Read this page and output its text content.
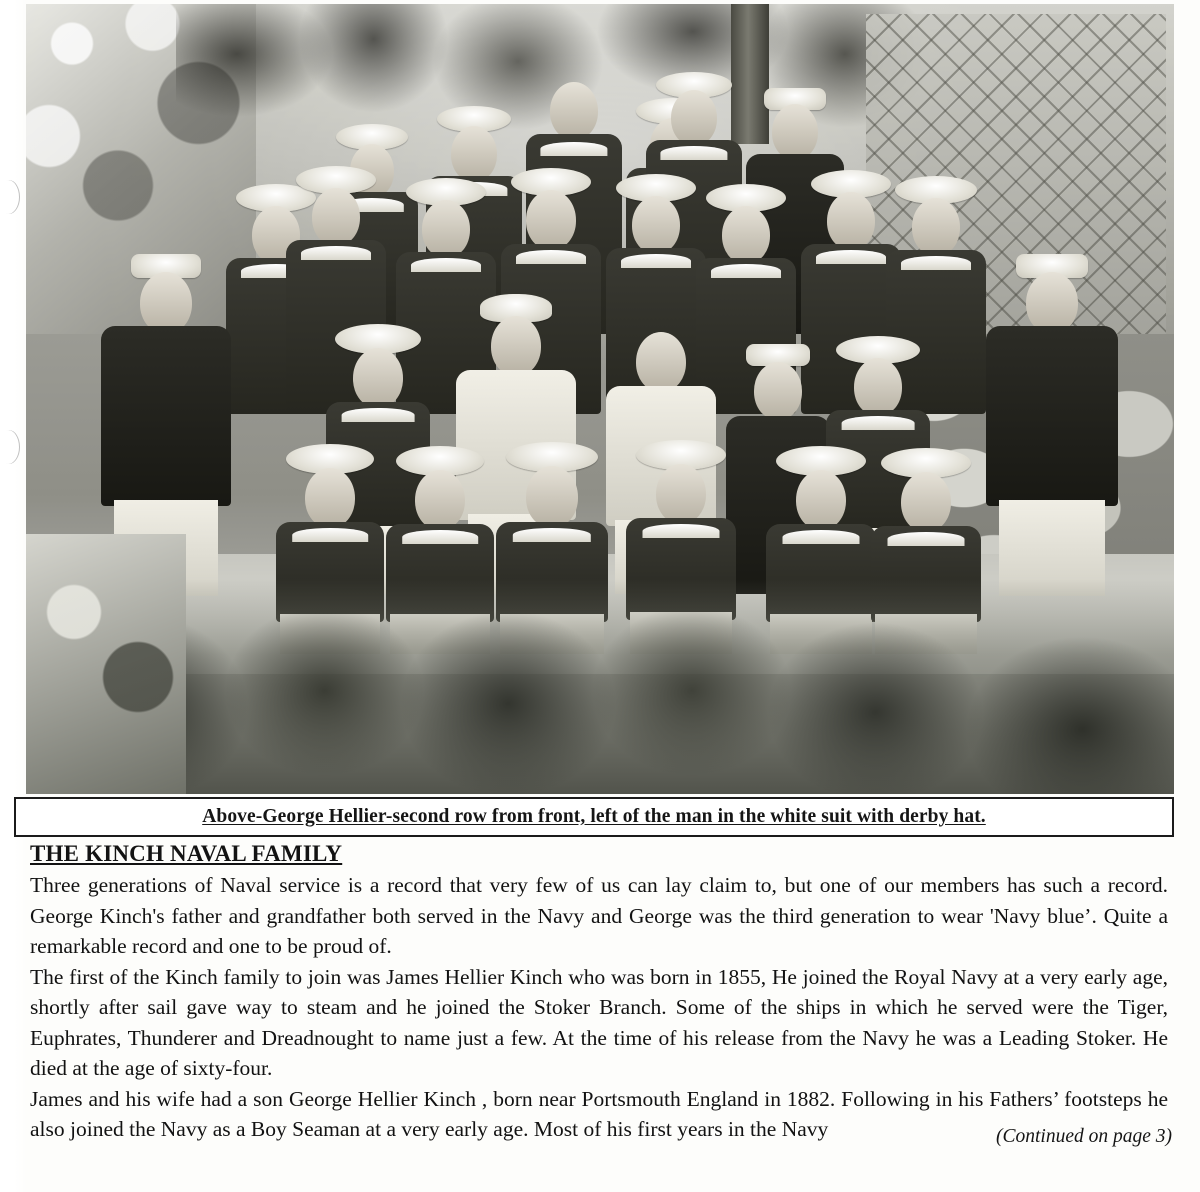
Above-George Hellier-second row from front, left of the man in the white suit with derby hat.
THE KINCH NAVAL FAMILY

Three generations of Naval service is a record that very few of us can lay claim to, but one of our members has such a record. George Kinch's father and grandfather both served in the Navy and George was the third generation to wear 'Navy blue’. Quite a remarkable record and one to be proud of.

The first of the Kinch family to join was James Hellier Kinch who was born in 1855, He joined the Royal Navy at a very early age, shortly after sail gave way to steam and he joined the Stoker Branch. Some of the ships in which he served were the Tiger, Euphrates, Thunderer and Dreadnought to name just a few. At the time of his release from the Navy he was a Leading Stoker. He died at the age of sixty-four.

James and his wife had a son George Hellier Kinch , born near Portsmouth England in 1882. Following in his Fathers’ footsteps he also joined the Navy as a Boy Seaman at a very early age. Most of his first years in the Navy	(Continued on page 3)
